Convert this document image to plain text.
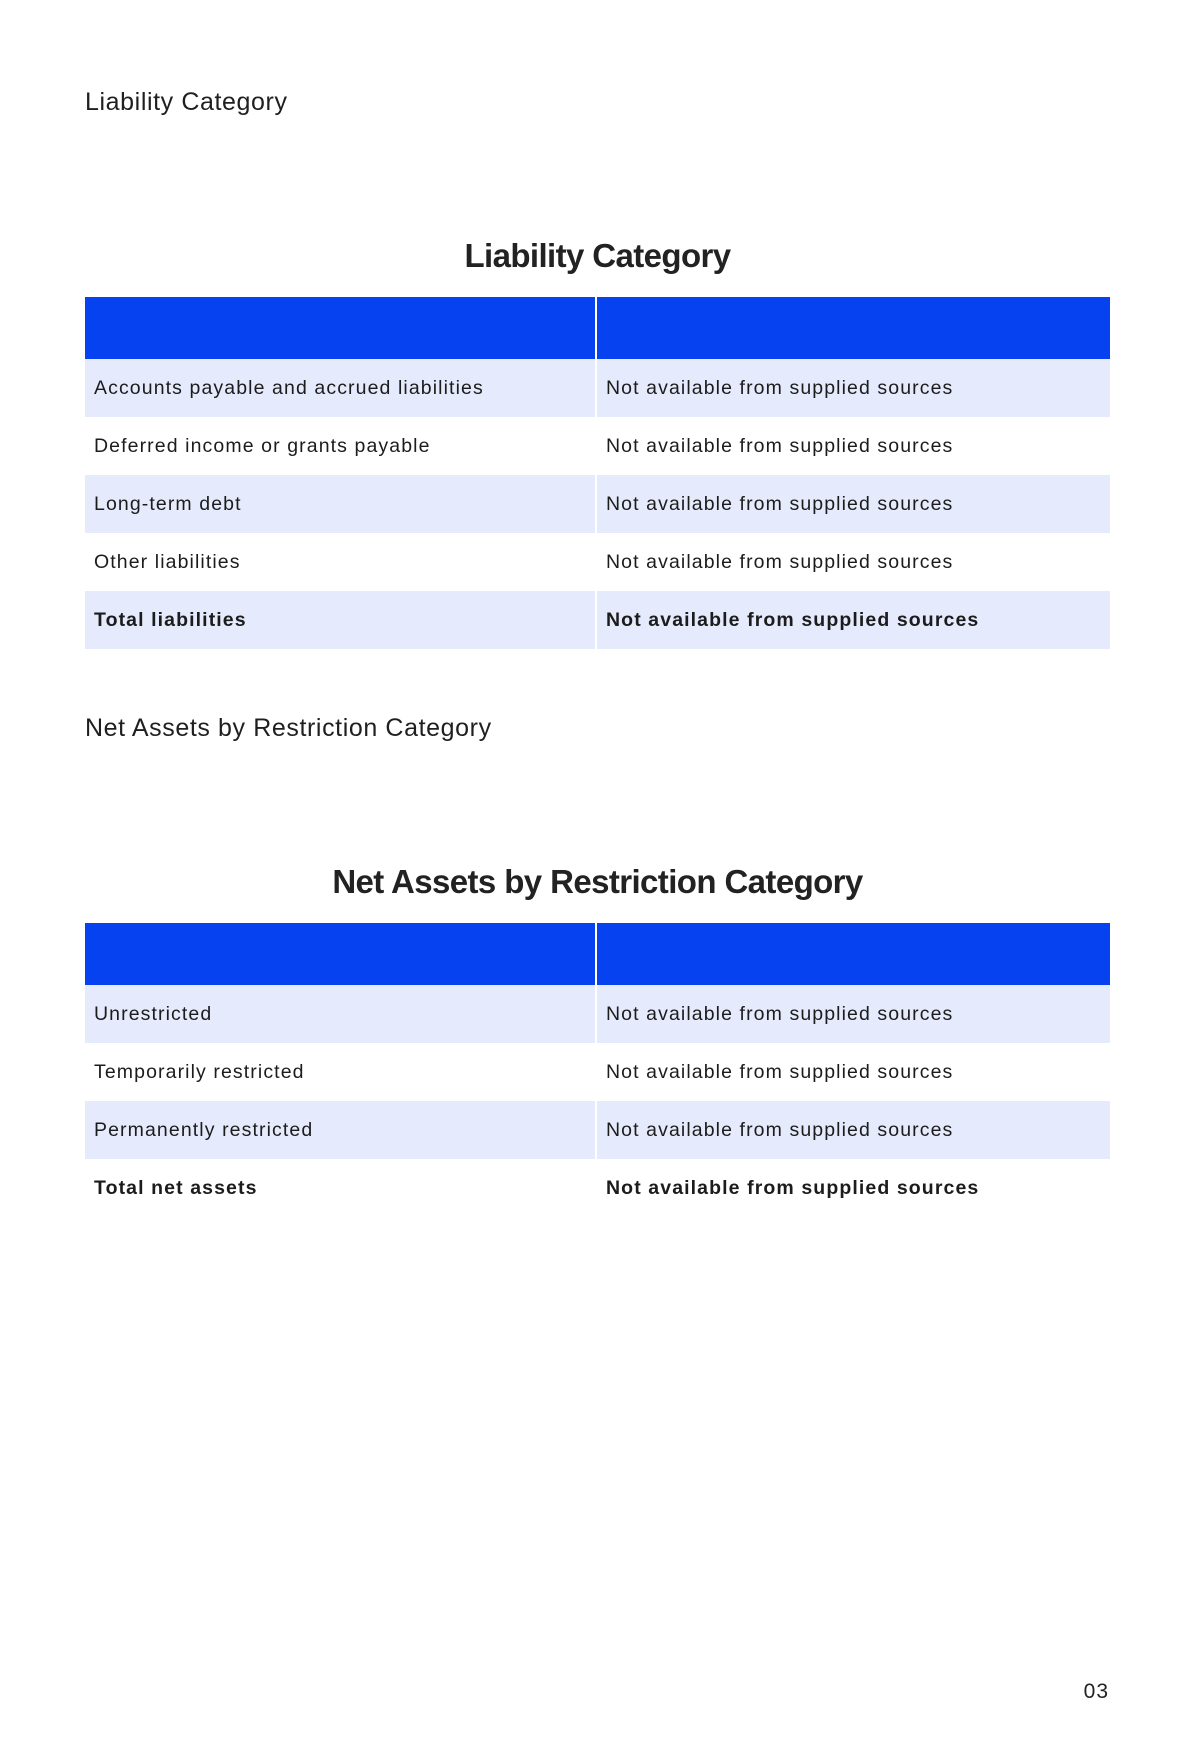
Liability Category
Liability Category

Accounts payable and accrued liabilities	Not available from supplied sources
Deferred income or grants payable	Not available from supplied sources
Long-term debt	Not available from supplied sources
Other liabilities	Not available from supplied sources
Total liabilities	Not available from supplied sources
Net Assets by Restriction Category
Net Assets by Restriction Category

Unrestricted	Not available from supplied sources
Temporarily restricted	Not available from supplied sources
Permanently restricted	Not available from supplied sources
Total net assets	Not available from supplied sources
03
